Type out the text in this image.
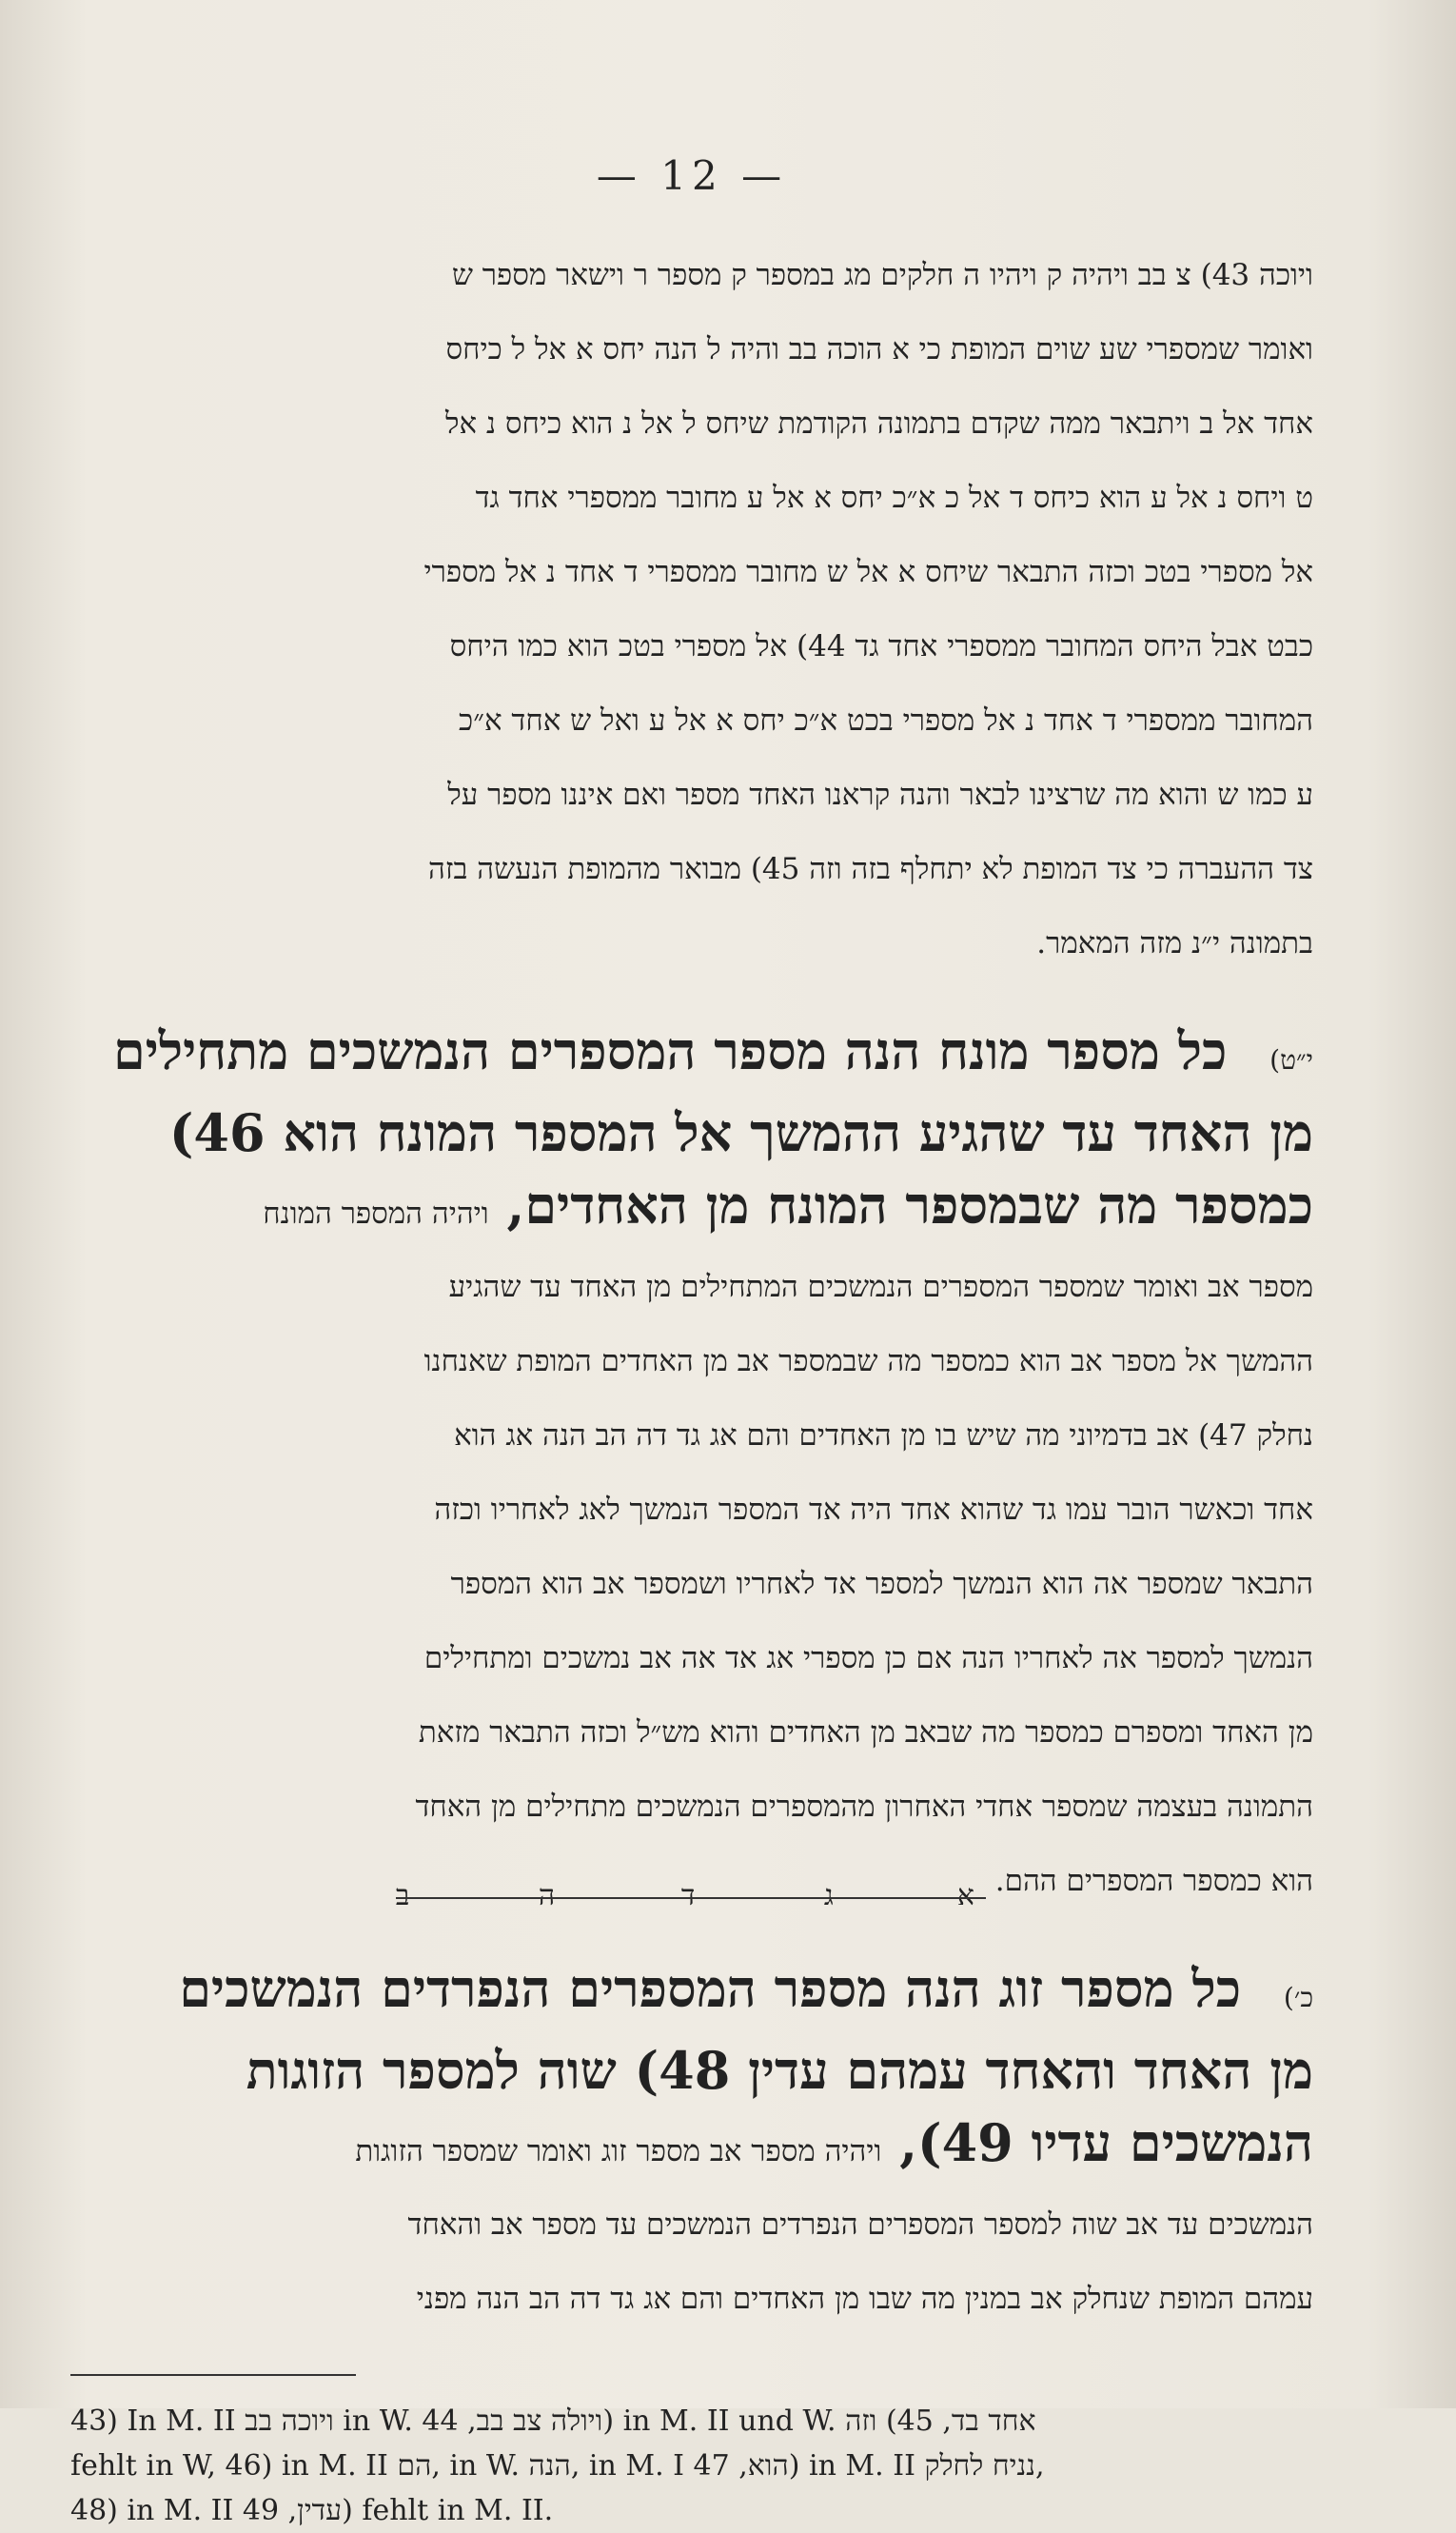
— 12 —
ויוכה 43) צ בב ויהיה ק ויהיו ה חלקים מג במספר ק מספר ר וישאר מספר ש
ואומר שמספרי שע שוים המופת כי א הוכה בב והיה ל הנה יחס א אל ל כיחס
אחד אל ב ויתבאר ממה שקדם בתמונה הקודמת שיחס ל אל נ הוא כיחס נ אל
ט ויחס נ אל ע הוא כיחס ד אל כ א״כ יחס א אל ע מחובר ממספרי אחד גד
אל מספרי בטכ וכזה התבאר שיחס א אל ש מחובר ממספרי ד אחד נ אל מספרי
כבט אבל היחס המחובר ממספרי אחד גד 44) אל מספרי בטכ הוא כמו היחס
המחובר ממספרי ד אחד נ אל מספרי בכט א״כ יחס א אל ע ואל ש אחד א״כ
ע כמו ש והוא מה שרצינו לבאר והנה קראנו האחד מספר ואם איננו מספר על
צד ההעברה כי צד המופת לא יתחלף בזה וזה 45) מבואר מהמופת הנעשה בזה
בתמונה י״נ מזה המאמר.
י״ט) כל מספר מונח הנה מספר המספרים הנמשכים מתחילים
מן האחד עד שהגיע ההמשך אל המספר המונח הוא 46)
כמספר מה שבמספר המונח מן האחדים, ויהיה המספר המונח
מספר אב ואומר שמספר המספרים הנמשכים המתחילים מן האחד עד שהגיע
ההמשך אל מספר אב הוא כמספר מה שבמספר אב מן האחדים המופת שאנחנו
נחלק 47) אב בדמיוני מה שיש בו מן האחדים והם אג גד דה הב הנה אג הוא
אחד וכאשר הובר עמו גד שהוא אחד היה אד המספר הנמשך לאג לאחריו וכזה
התבאר שמספר אה הוא הנמשך למספר אד לאחריו ושמספר אב הוא המספר
הנמשך למספר אה לאחריו הנה אם כן מספרי אג אד אה אב נמשכים ומתחילים
מן האחד ומספרם כמספר מה שבאב מן האחדים והוא מש״ל וכזה התבאר מזאת
התמונה בעצמה שמספר אחדי האחרון מהמספרים הנמשכים מתחילים מן האחד
הוא כמספר המספרים ההם.
ב	ה	ד	ג	א
כ׳) כל מספר זוג הנה מספר המספרים הנפרדים הנמשכים
מן האחד והאחד עמהם עדין 48) שוה למספר הזוגות
הנמשכים עדיו 49), ויהיה מספר אב מספר זוג ואומר שמספר הזוגות
הנמשכים עד אב שוה למספר המספרים הנפרדים הנמשכים עד מספר אב והאחד
עמהם המופת שנחלק אב במנין מה שבו מן האחדים והם אג גד דה הב הנה מפני

43) In M. II ויוכה בב in W. ויולה צב בב, 44) in M. II und W. אחד בד, 45) וזה

fehlt in W, 46) in M. II הם, in W. הנה, in M. I הוא, 47) in M. II נניח לחלק,

48) in M. II עדין, 49) fehlt in M. II.
